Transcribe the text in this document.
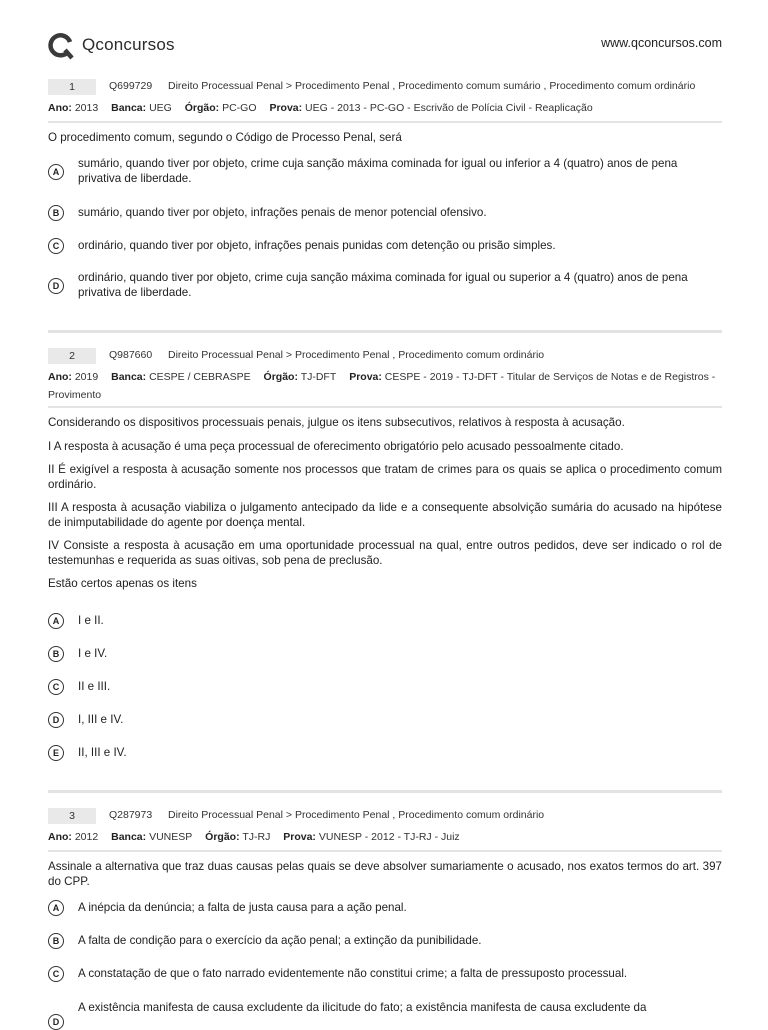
Qconcursos	www.qconcursos.com
1	Q699729 Direito Processual Penal > Procedimento Penal , Procedimento comum sumário , Procedimento comum ordinário
Ano: 2013 Banca: UEG Órgão: PC-GO Prova: UEG - 2013 - PC-GO - Escrivão de Polícia Civil - Reaplicação
O procedimento comum, segundo o Código de Processo Penal, será
A
sumário, quando tiver por objeto, crime cuja sanção máxima cominada for igual ou inferior a 4 (quatro) anos de pena privativa de liberdade.
B	sumário, quando tiver por objeto, infrações penais de menor potencial ofensivo.
C	ordinário, quando tiver por objeto, infrações penais punidas com detenção ou prisão simples.
D
ordinário, quando tiver por objeto, crime cuja sanção máxima cominada for igual ou superior a 4 (quatro) anos de pena privativa de liberdade.
2	Q987660 Direito Processual Penal > Procedimento Penal , Procedimento comum ordinário
Ano: 2019 Banca: CESPE / CEBRASPE Órgão: TJ-DFT Prova: CESPE - 2019 - TJ-DFT - Titular de Serviços de Notas e de Registros - Provimento
Considerando os dispositivos processuais penais, julgue os itens subsecutivos, relativos à resposta à acusação.
I A resposta à acusação é uma peça processual de oferecimento obrigatório pelo acusado pessoalmente citado.
II É exigível a resposta à acusação somente nos processos que tratam de crimes para os quais se aplica o procedimento comum ordinário.
III A resposta à acusação viabiliza o julgamento antecipado da lide e a consequente absolvição sumária do acusado na hipótese de inimputabilidade do agente por doença mental.
IV Consiste a resposta à acusação em uma oportunidade processual na qual, entre outros pedidos, deve ser indicado o rol de testemunhas e requerida as suas oitivas, sob pena de preclusão.
Estão certos apenas os itens
A	I e II.
B	I e IV.
C	II e III.
D	I, III e IV.
E	II, III e IV.
3	Q287973 Direito Processual Penal > Procedimento Penal , Procedimento comum ordinário
Ano: 2012 Banca: VUNESP Órgão: TJ-RJ Prova: VUNESP - 2012 - TJ-RJ - Juiz
Assinale a alternativa que traz duas causas pelas quais se deve absolver sumariamente o acusado, nos exatos termos do art. 397 do CPP.
A	A inépcia da denúncia; a falta de justa causa para a ação penal.
B	A falta de condição para o exercício da ação penal; a extinção da punibilidade.
C	A constatação de que o fato narrado evidentemente não constitui crime; a falta de pressuposto processual.
D
A existência manifesta de causa excludente da ilicitude do fato; a existência manifesta de causa excludente da
